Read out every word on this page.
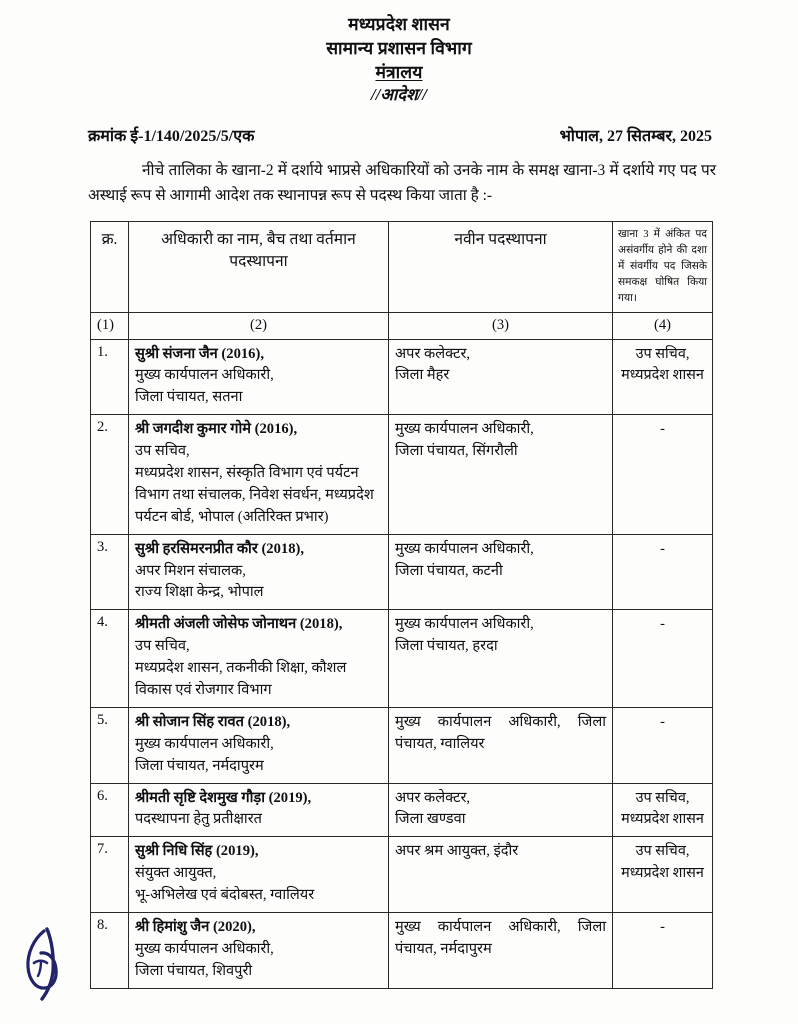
मध्यप्रदेश शासन
सामान्य प्रशासन विभाग
मंत्रालय
//आदेश//
क्रमांक ई-1/140/2025/5/एक	भोपाल, 27 सितम्बर, 2025
नीचे तालिका के खाना-2 में दर्शाये भाप्रसे अधिकारियों को उनके नाम के समक्ष खाना-3 में दर्शाये गए पद पर अस्थाई रूप से आगामी आदेश तक स्थानापन्न रूप से पदस्थ किया जाता है :-
क्र.	अधिकारी का नाम, बैच तथा वर्तमान पदस्थापना	नवीन पदस्थापना	खाना 3 में अंकित पद असंवर्गीय होने की दशा में संवर्गीय पद जिसके समकक्ष घोषित किया गया।
(1)	(2)	(3)	(4)
1.	सुश्री संजना जैन (2016),
मुख्य कार्यपालन अधिकारी,
जिला पंचायत, सतना	अपर कलेक्टर,
जिला मैहर	उप सचिव,
मध्यप्रदेश शासन
2.	श्री जगदीश कुमार गोमे (2016),
उप सचिव,
मध्यप्रदेश शासन, संस्कृति विभाग एवं पर्यटन विभाग तथा संचालक, निवेश संवर्धन, मध्यप्रदेश पर्यटन बोर्ड, भोपाल (अतिरिक्त प्रभार)	मुख्य कार्यपालन अधिकारी,
जिला पंचायत, सिंगरौली	-
3.	सुश्री हरसिमरनप्रीत कौर (2018),
अपर मिशन संचालक,
राज्य शिक्षा केन्द्र, भोपाल	मुख्य कार्यपालन अधिकारी,
जिला पंचायत, कटनी	-
4.	श्रीमती अंजली जोसेफ जोनाथन (2018),
उप सचिव,
मध्यप्रदेश शासन, तकनीकी शिक्षा, कौशल विकास एवं रोजगार विभाग	मुख्य कार्यपालन अधिकारी,
जिला पंचायत, हरदा	-
5.	श्री सोजान सिंह रावत (2018),
मुख्य कार्यपालन अधिकारी,
जिला पंचायत, नर्मदापुरम	मुख्य कार्यपालन अधिकारी, जिला पंचायत, ग्वालियर	-
6.	श्रीमती सृष्टि देशमुख गौड़ा (2019),
पदस्थापना हेतु प्रतीक्षारत	अपर कलेक्टर,
जिला खण्डवा	उप सचिव,
मध्यप्रदेश शासन
7.	सुश्री निधि सिंह (2019),
संयुक्त आयुक्त,
भू-अभिलेख एवं बंदोबस्त, ग्वालियर	अपर श्रम आयुक्त, इंदौर	उप सचिव,
मध्यप्रदेश शासन
8.	श्री हिमांशु जैन (2020),
मुख्य कार्यपालन अधिकारी,
जिला पंचायत, शिवपुरी	मुख्य कार्यपालन अधिकारी, जिला पंचायत, नर्मदापुरम	-
